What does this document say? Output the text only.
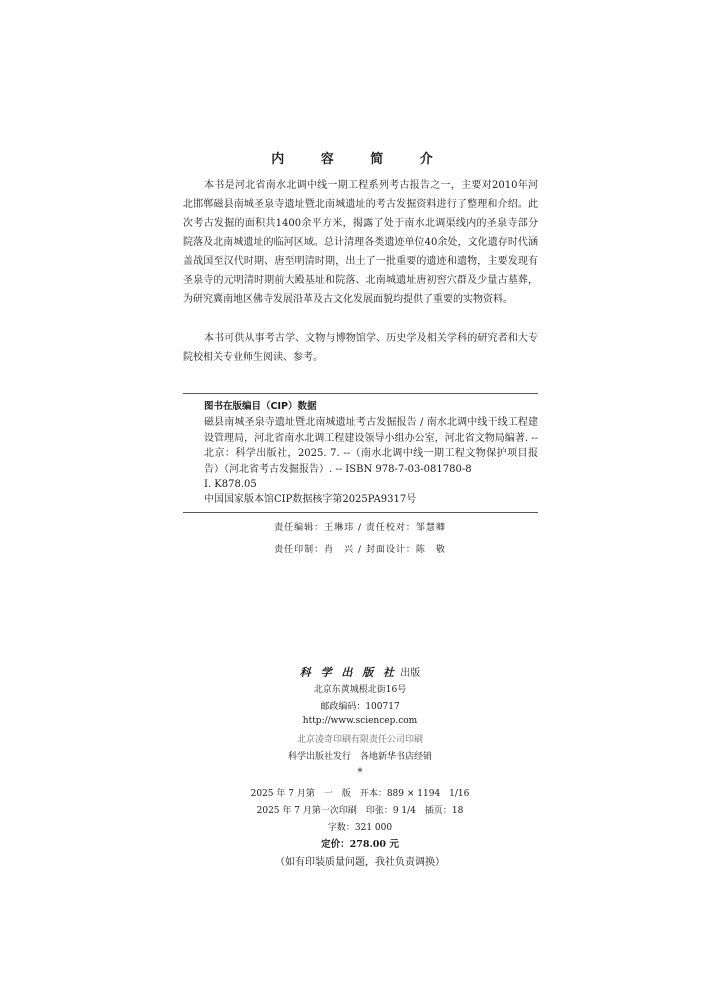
内 容 简 介

本书是河北省南水北调中线一期工程系列考古报告之一，主要对2010年河北邯郸磁县南城圣泉寺遗址暨北南城遗址的考古发掘资料进行了整理和介绍。此次考古发掘的面积共1400余平方米，揭露了处于南水北调渠线内的圣泉寺部分院落及北南城遗址的临河区域。总计清理各类遗迹单位40余处，文化遗存时代涵盖战国至汉代时期、唐至明清时期，出土了一批重要的遗迹和遗物，主要发现有圣泉寺的元明清时期前大殿基址和院落、北南城遗址唐初窖穴群及少量古墓葬，为研究冀南地区佛寺发展沿革及古文化发展面貌均提供了重要的实物资料。

本书可供从事考古学、文物与博物馆学、历史学及相关学科的研究者和大专院校相关专业师生阅读、参考。

图书在版编目（CIP）数据
磁县南城圣泉寺遗址暨北南城遗址考古发掘报告 / 南水北调中线干线工程建设管理局，河北省南水北调工程建设领导小组办公室，河北省文物局编著. -- 北京：科学出版社，2025. 7. --（南水北调中线一期工程文物保护项目报告）（河北省考古发掘报告）. -- ISBN 978-7-03-081780-8
Ⅰ. K878.05
中国国家版本馆CIP数据核字第2025PA9317号
责任编辑：王琳玮 / 责任校对：邹慧卿
责任印制：肖　兴 / 封面设计：陈　敬
科 学 出 版 社 出版
北京东黄城根北街16号
邮政编码：100717
http://www.sciencep.com
北京凌奇印刷有限责任公司印刷
科学出版社发行　各地新华书店经销
*
2025 年 7 月第　一　版　开本：889 × 1194　1/16
2025 年 7 月第一次印刷　印张：9 1/4　插页：18
字数：321 000
定价：278.00 元
（如有印装质量问题，我社负责调换）
